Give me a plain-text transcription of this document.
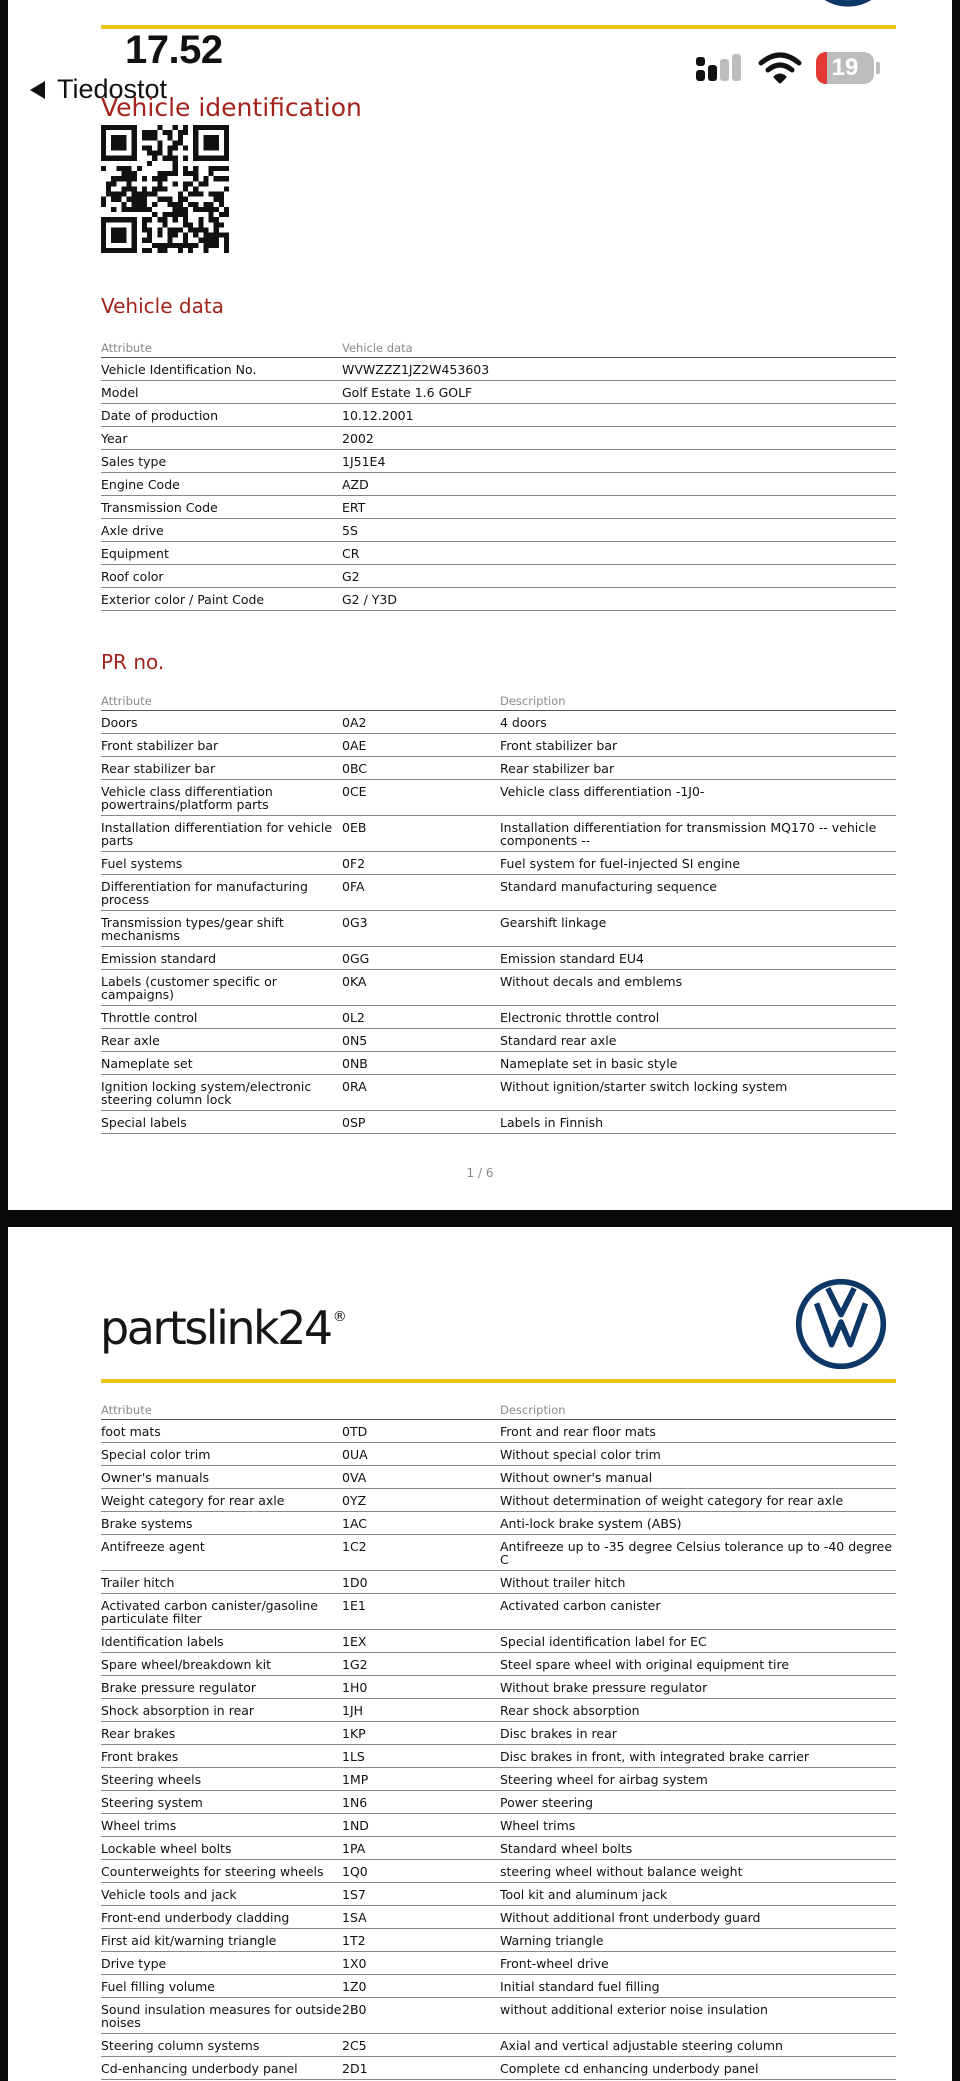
17.52
Tiedostot
19
Vehicle identification
Vehicle data
Attribute	Vehicle data

Vehicle Identification No.	WVWZZZ1JZ2W453603

Model	Golf Estate 1.6 GOLF

Date of production	10.12.2001

Year	2002

Sales type	1J51E4

Engine Code	AZD

Transmission Code	ERT

Axle drive	5S

Equipment	CR

Roof color	G2

Exterior color / Paint Code	G2 / Y3D
PR no.
Attribute		Description

Doors	0A2	4 doors

Front stabilizer bar	0AE	Front stabilizer bar

Rear stabilizer bar	0BC	Rear stabilizer bar

Vehicle class differentiation powertrains/platform parts	0CE	Vehicle class differentiation -1J0-

Installation differentiation for vehicle parts	0EB	Installation differentiation for transmission MQ170 -- vehicle components --

Fuel systems	0F2	Fuel system for fuel-injected SI engine

Differentiation for manufacturing process	0FA	Standard manufacturing sequence

Transmission types/gear shift mechanisms	0G3	Gearshift linkage

Emission standard	0GG	Emission standard EU4

Labels (customer specific or campaigns)	0KA	Without decals and emblems

Throttle control	0L2	Electronic throttle control

Rear axle	0N5	Standard rear axle

Nameplate set	0NB	Nameplate set in basic style

Ignition locking system/electronic steering column lock	0RA	Without ignition/starter switch locking system

Special labels	0SP	Labels in Finnish
1 / 6
partslink24 ®
Attribute		Description

foot mats	0TD	Front and rear floor mats

Special color trim	0UA	Without special color trim

Owner's manuals	0VA	Without owner's manual

Weight category for rear axle	0YZ	Without determination of weight category for rear axle

Brake systems	1AC	Anti-lock brake system (ABS)

Antifreeze agent	1C2	Antifreeze up to -35 degree Celsius tolerance up to -40 degree C

Trailer hitch	1D0	Without trailer hitch

Activated carbon canister/gasoline particulate filter	1E1	Activated carbon canister

Identification labels	1EX	Special identification label for EC

Spare wheel/breakdown kit	1G2	Steel spare wheel with original equipment tire

Brake pressure regulator	1H0	Without brake pressure regulator

Shock absorption in rear	1JH	Rear shock absorption

Rear brakes	1KP	Disc brakes in rear

Front brakes	1LS	Disc brakes in front, with integrated brake carrier

Steering wheels	1MP	Steering wheel for airbag system

Steering system	1N6	Power steering

Wheel trims	1ND	Wheel trims

Lockable wheel bolts	1PA	Standard wheel bolts

Counterweights for steering wheels	1Q0	steering wheel without balance weight

Vehicle tools and jack	1S7	Tool kit and aluminum jack

Front-end underbody cladding	1SA	Without additional front underbody guard

First aid kit/warning triangle	1T2	Warning triangle

Drive type	1X0	Front-wheel drive

Fuel filling volume	1Z0	Initial standard fuel filling

Sound insulation measures for outside noises	2B0	without additional exterior noise insulation

Steering column systems	2C5	Axial and vertical adjustable steering column

Cd-enhancing underbody panel	2D1	Complete cd enhancing underbody panel
